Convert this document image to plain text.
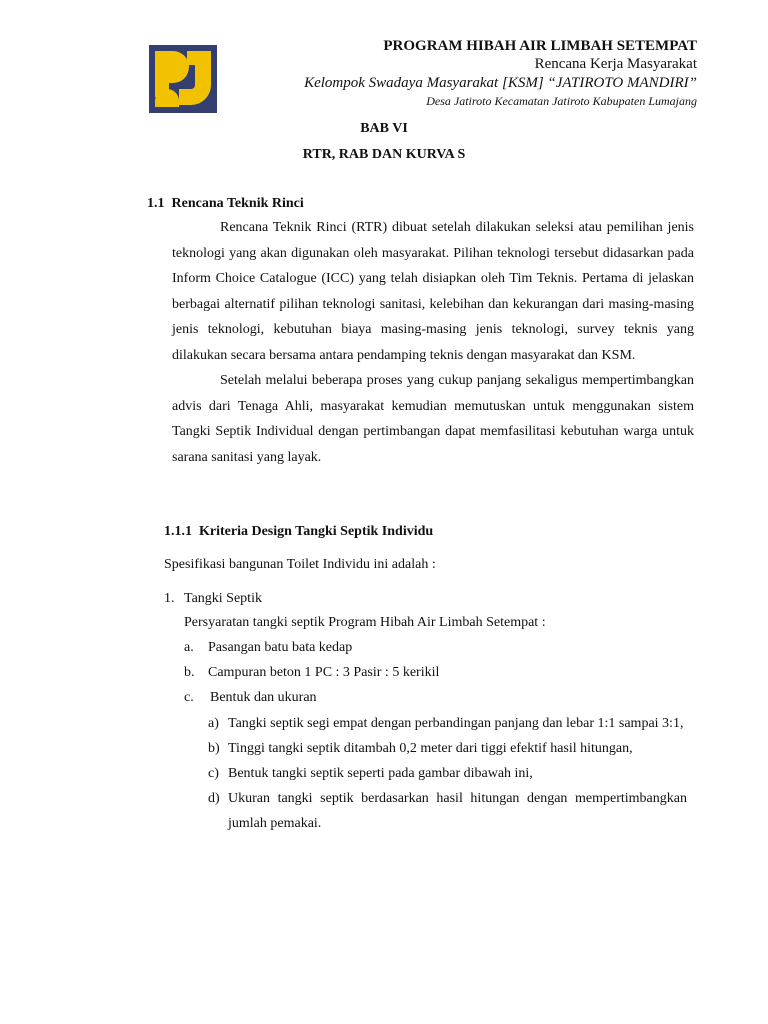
PROGRAM HIBAH AIR LIMBAH SETEMPAT
Rencana Kerja Masyarakat
Kelompok Swadaya Masyarakat [KSM] “JATIROTO MANDIRI”
Desa Jatiroto Kecamatan Jatiroto Kabupaten Lumajang
BAB VI
RTR, RAB DAN KURVA S
1.1 Rencana Teknik Rinci

Rencana Teknik Rinci (RTR) dibuat setelah dilakukan seleksi atau pemilihan jenis teknologi yang akan digunakan oleh masyarakat. Pilihan teknologi tersebut didasarkan pada Inform Choice Catalogue (ICC) yang telah disiapkan oleh Tim Teknis. Pertama di jelaskan berbagai alternatif pilihan teknologi sanitasi, kelebihan dan kekurangan dari masing-masing jenis teknologi, kebutuhan biaya masing-masing jenis teknologi, survey teknis yang dilakukan secara bersama antara pendamping teknis dengan masyarakat dan KSM.

Setelah melalui beberapa proses yang cukup panjang sekaligus mempertimbangkan advis dari Tenaga Ahli, masyarakat kemudian memutuskan untuk menggunakan sistem Tangki Septik Individual dengan pertimbangan dapat memfasilitasi kebutuhan warga untuk sarana sanitasi yang layak.

1.1.1 Kriteria Design Tangki Septik Individu
Spesifikasi bangunan Toilet Individu ini adalah :
1. Tangki Septik
Persyaratan tangki septik Program Hibah Air Limbah Setempat :
a.	Pasangan batu bata kedap
b. Campuran beton 1 PC : 3 Pasir : 5 kerikil
c.	Bentuk dan ukuran
a) Tangki septik segi empat dengan perbandingan panjang dan lebar 1:1 sampai 3:1,
b) Tinggi tangki septik ditambah 0,2 meter dari tiggi efektif hasil hitungan,
c) Bentuk tangki septik seperti pada gambar dibawah ini,
d) Ukuran tangki septik berdasarkan hasil hitungan dengan mempertimbangkan jumlah pemakai.
